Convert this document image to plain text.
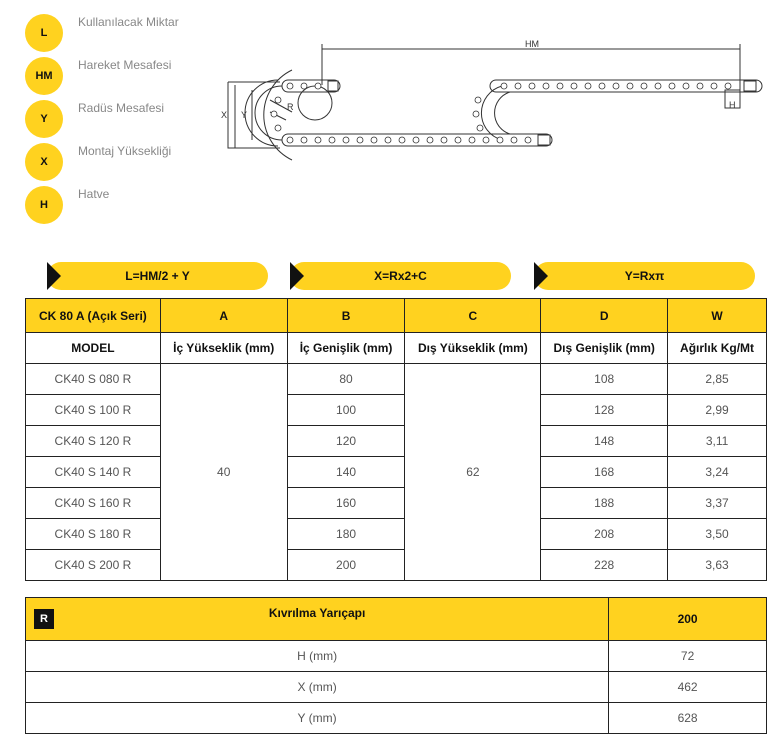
L
Kullanılacak Miktar
HM
Hareket Mesafesi
Y
Radüs Mesafesi
X
Montaj Yüksekliği
H
Hatve
HM
H
X Y
R
L=HM/2 + Y	X=Rx2+C	Y=Rxπ
CK 80 A (Açık Seri)	A	B	C	D	W
MODEL	İç Yükseklik (mm)	İç Genişlik (mm)	Dış Yükseklik (mm)	Dış Genişlik (mm)	Ağırlık Kg/Mt
CK40 S 080 R	40	80	62	108	2,85
CK40 S 100 R		100		128	2,99
CK40 S 120 R		120		148	3,11
CK40 S 140 R		140		168	3,24
CK40 S 160 R		160		188	3,37
CK40 S 180 R		180		208	3,50
CK40 S 200 R		200		228	3,63
R Kıvrılma Yarıçapı	200
H (mm)	72
X (mm)	462
Y (mm)	628
